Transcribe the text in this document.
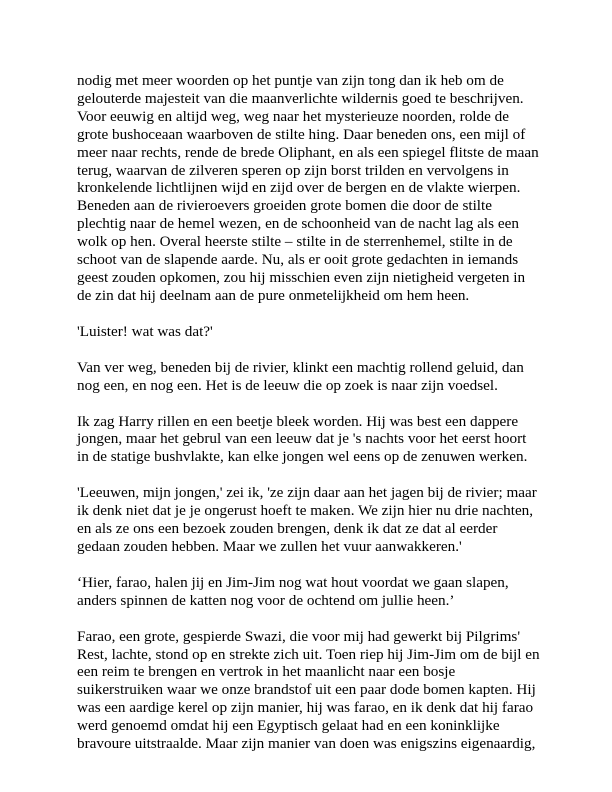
nodig met meer woorden op het puntje van zijn tong dan ik heb om de
gelouterde majesteit van die maanverlichte wildernis goed te beschrijven.
Voor eeuwig en altijd weg, weg naar het mysterieuze noorden, rolde de
grote bushoceaan waarboven de stilte hing. Daar beneden ons, een mijl of
meer naar rechts, rende de brede Oliphant, en als een spiegel flitste de maan
terug, waarvan de zilveren speren op zijn borst trilden en vervolgens in
kronkelende lichtlijnen wijd en zijd over de bergen en de vlakte wierpen.
Beneden aan de rivieroevers groeiden grote bomen die door de stilte
plechtig naar de hemel wezen, en de schoonheid van de nacht lag als een
wolk op hen. Overal heerste stilte – stilte in de sterrenhemel, stilte in de
schoot van de slapende aarde. Nu, als er ooit grote gedachten in iemands
geest zouden opkomen, zou hij misschien even zijn nietigheid vergeten in
de zin dat hij deelnam aan de pure onmetelijkheid om hem heen.

'Luister! wat was dat?'

Van ver weg, beneden bij de rivier, klinkt een machtig rollend geluid, dan
nog een, en nog een. Het is de leeuw die op zoek is naar zijn voedsel.

Ik zag Harry rillen en een beetje bleek worden. Hij was best een dappere
jongen, maar het gebrul van een leeuw dat je 's nachts voor het eerst hoort
in de statige bushvlakte, kan elke jongen wel eens op de zenuwen werken.

'Leeuwen, mijn jongen,' zei ik, 'ze zijn daar aan het jagen bij de rivier; maar
ik denk niet dat je je ongerust hoeft te maken. We zijn hier nu drie nachten,
en als ze ons een bezoek zouden brengen, denk ik dat ze dat al eerder
gedaan zouden hebben. Maar we zullen het vuur aanwakkeren.'

‘Hier, farao, halen jij en Jim-Jim nog wat hout voordat we gaan slapen,
anders spinnen de katten nog voor de ochtend om jullie heen.’

Farao, een grote, gespierde Swazi, die voor mij had gewerkt bij Pilgrims'
Rest, lachte, stond op en strekte zich uit. Toen riep hij Jim-Jim om de bijl en
een reim te brengen en vertrok in het maanlicht naar een bosje
suikerstruiken waar we onze brandstof uit een paar dode bomen kapten. Hij
was een aardige kerel op zijn manier, hij was farao, en ik denk dat hij farao
werd genoemd omdat hij een Egyptisch gelaat had en een koninklijke
bravoure uitstraalde. Maar zijn manier van doen was enigszins eigenaardig,
